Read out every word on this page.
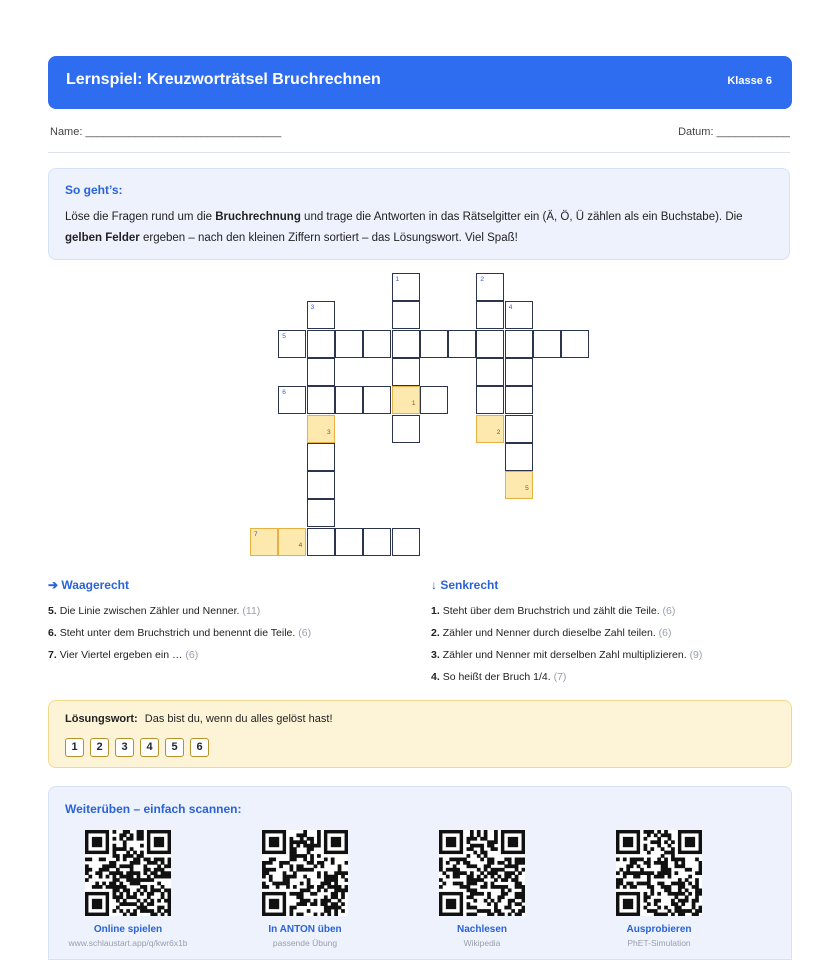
Lernspiel: Kreuzworträtsel Bruchrechnen	Klasse 6
Name: ________________________________	Datum: ____________
So geht’s:
Löse die Fragen rund um die Bruchrechnung und trage die Antworten in das Rätselgitter ein (Ä, Ö, Ü zählen als ein Buchstabe). Die gelben Felder ergeben – nach den kleinen Ziffern sortiert – das Lösungswort. Viel Spaß!
1
1
2
2
3
3
4
5
5
6
7
4
➔ Waagerecht
5. Die Linie zwischen Zähler und Nenner. (11)
6. Steht unter dem Bruchstrich und benennt die Teile. (6)
7. Vier Viertel ergeben ein … (6)
↓ Senkrecht
1. Steht über dem Bruchstrich und zählt die Teile. (6)
2. Zähler und Nenner durch dieselbe Zahl teilen. (6)
3. Zähler und Nenner mit derselben Zahl multiplizieren. (9)
4. So heißt der Bruch 1/4. (7)
Lösungswort: Das bist du, wenn du alles gelöst hast!
1 2 3 4 5 6
Weiterüben – einfach scannen:
Online spielen
www.schlaustart.app/q/kwr6x1b
In ANTON üben
passende Übung
Nachlesen
Wikipedia
Ausprobieren
PhET-Simulation
